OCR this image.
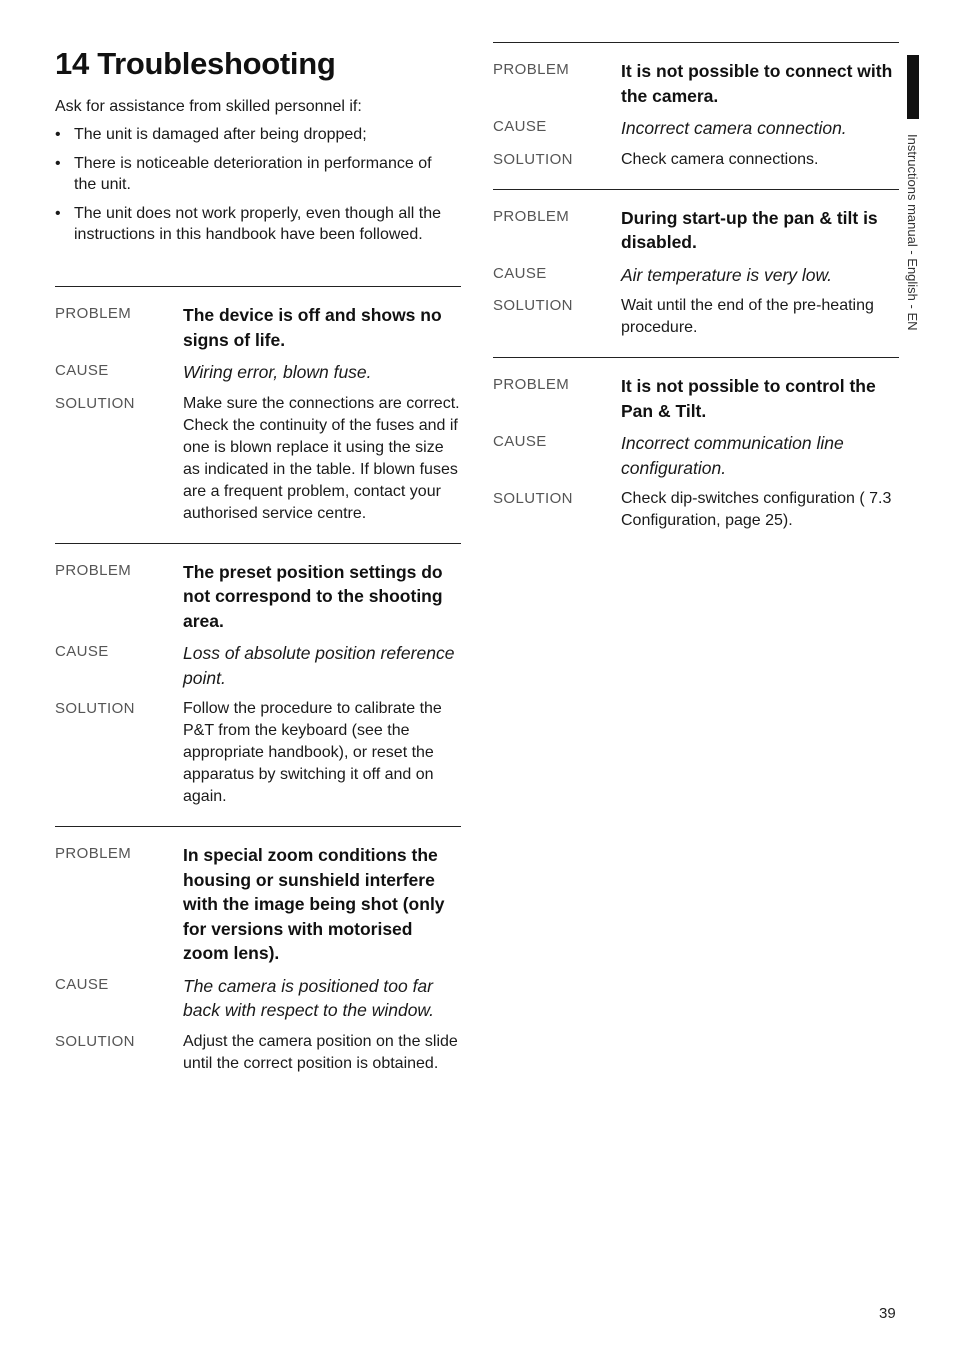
14 Troubleshooting

Ask for assistance from skilled personnel if:

• The unit is damaged after being dropped;
• There is noticeable deterioration in performance of the unit.
• The unit does not work properly, even though all the instructions in this handbook have been followed.
PROBLEM	The device is off and shows no signs of life.
CAUSE	Wiring error, blown fuse.
SOLUTION	Make sure the connections are correct. Check the continuity of the fuses and if one is blown replace it using the size as indicated in the table. If blown fuses are a frequent problem, contact your authorised service centre.
PROBLEM	The preset position settings do not correspond to the shooting area.
CAUSE	Loss of absolute position reference point.
SOLUTION	Follow the procedure to calibrate the P&T from the keyboard (see the appropriate handbook), or reset the apparatus by switching it off and on again.
PROBLEM	In special zoom conditions the housing or sunshield interfere with the image being shot (only for versions with motorised zoom lens).
CAUSE	The camera is positioned too far back with respect to the window.
SOLUTION	Adjust the camera position on the slide until the correct position is obtained.
PROBLEM	It is not possible to connect with the camera.
CAUSE	Incorrect camera connection.
SOLUTION	Check camera connections.
PROBLEM	During start-up the pan & tilt is disabled.
CAUSE	Air temperature is very low.
SOLUTION	Wait until the end of the pre-heating procedure.
PROBLEM	It is not possible to control the Pan & Tilt.
CAUSE	Incorrect communication line configuration.
SOLUTION	Check dip-switches configuration ( 7.3 Configuration, page 25).
Instructions manual - English - EN
39
